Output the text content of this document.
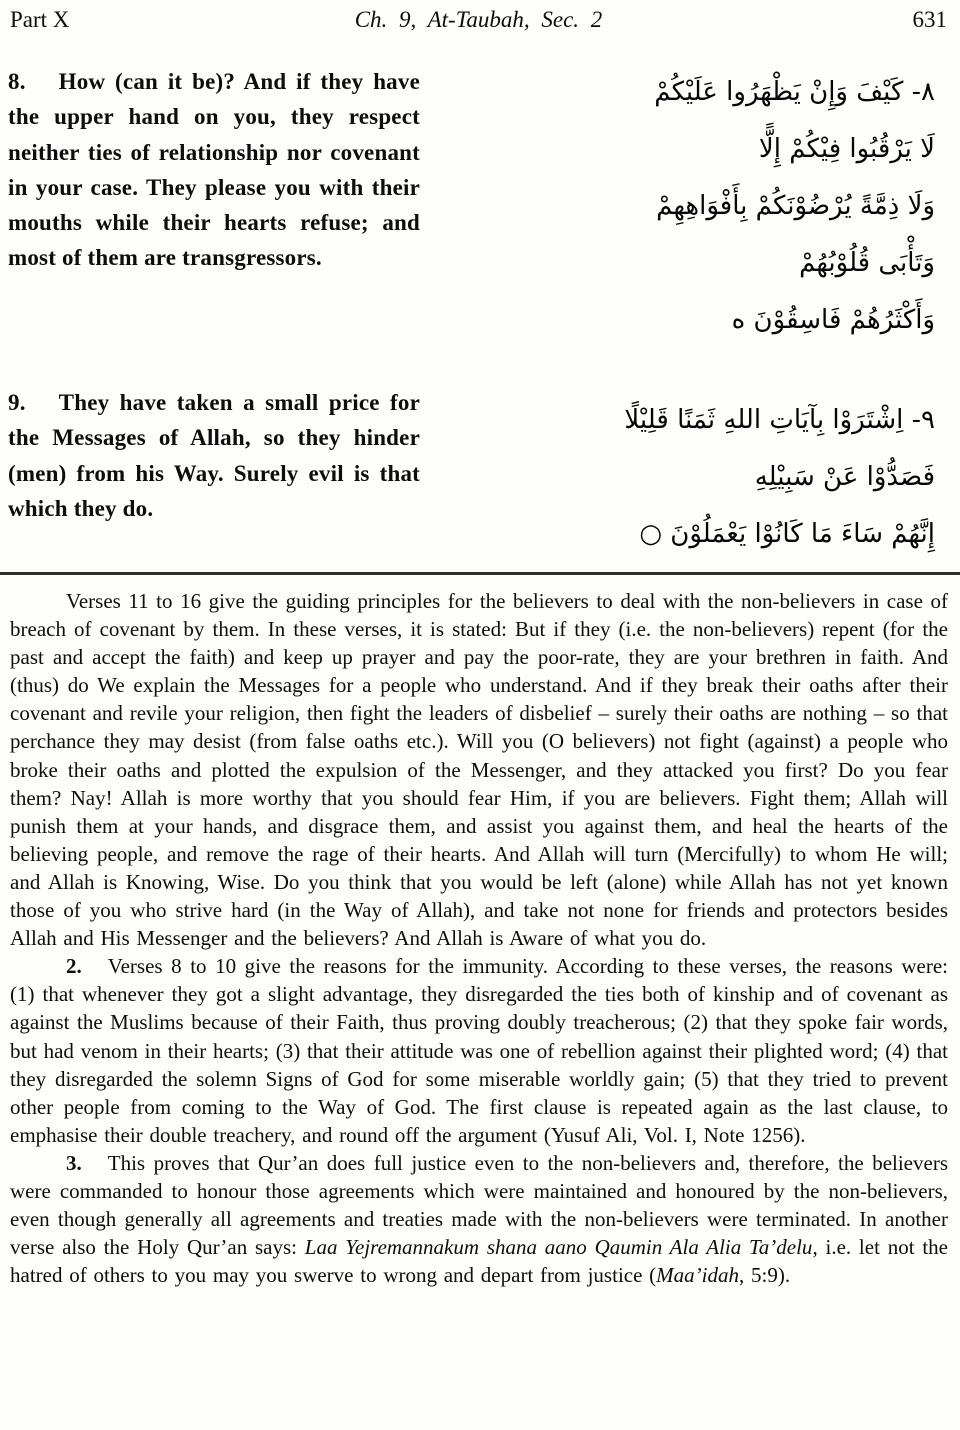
Part X	Ch. 9, At-Taubah, Sec. 2	631

8. How (can it be)? And if they have the upper hand on you, they respect neither ties of relationship nor covenant in your case. They please you with their mouths while their hearts refuse; and most of them are transgressors.

٨- كَيْفَ وَإِنْ يَظْهَرُوا عَلَيْكُمْ
لَا يَرْقُبُوا فِيْكُمْ إِلًّا
وَلَا ذِمَّةً يُرْضُوْنَكُمْ بِأَفْوَاهِهِمْ
وَتَأْبَى قُلُوْبُهُمْ
وَأَكْثَرُهُمْ فَاسِقُوْنَ ه

9. They have taken a small price for the Messages of Allah, so they hinder (men) from his Way. Surely evil is that which they do.

٩- اِشْتَرَوْا بِآيَاتِ اللهِ ثَمَنًا قَلِيْلًا
فَصَدُّوْا عَنْ سَبِيْلِهِ
إِنَّهُمْ سَاءَ مَا كَانُوْا يَعْمَلُوْنَ ○

Verses 11 to 16 give the guiding principles for the believers to deal with the non-believers in case of breach of covenant by them. In these verses, it is stated: But if they (i.e. the non-believers) repent (for the past and accept the faith) and keep up prayer and pay the poor-rate, they are your brethren in faith. And (thus) do We explain the Messages for a people who understand. And if they break their oaths after their covenant and revile your religion, then fight the leaders of disbelief – surely their oaths are nothing – so that perchance they may desist (from false oaths etc.). Will you (O believers) not fight (against) a people who broke their oaths and plotted the expulsion of the Messenger, and they attacked you first? Do you fear them? Nay! Allah is more worthy that you should fear Him, if you are believers. Fight them; Allah will punish them at your hands, and disgrace them, and assist you against them, and heal the hearts of the believing people, and remove the rage of their hearts. And Allah will turn (Mercifully) to whom He will; and Allah is Knowing, Wise. Do you think that you would be left (alone) while Allah has not yet known those of you who strive hard (in the Way of Allah), and take not none for friends and protectors besides Allah and His Messenger and the believers? And Allah is Aware of what you do.

2. Verses 8 to 10 give the reasons for the immunity. According to these verses, the reasons were: (1) that whenever they got a slight advantage, they disregarded the ties both of kinship and of covenant as against the Muslims because of their Faith, thus proving doubly treacherous; (2) that they spoke fair words, but had venom in their hearts; (3) that their attitude was one of rebellion against their plighted word; (4) that they disregarded the solemn Signs of God for some miserable worldly gain; (5) that they tried to prevent other people from coming to the Way of God. The first clause is repeated again as the last clause, to emphasise their double treachery, and round off the argument (Yusuf Ali, Vol. I, Note 1256).

3. This proves that Qur’an does full justice even to the non-believers and, therefore, the believers were commanded to honour those agreements which were maintained and honoured by the non-believers, even though generally all agreements and treaties made with the non-believers were terminated. In another verse also the Holy Qur’an says: Laa Yejremannakum shana aano Qaumin Ala Alia Ta’delu, i.e. let not the hatred of others to you may you swerve to wrong and depart from justice (Maa’idah, 5:9).
